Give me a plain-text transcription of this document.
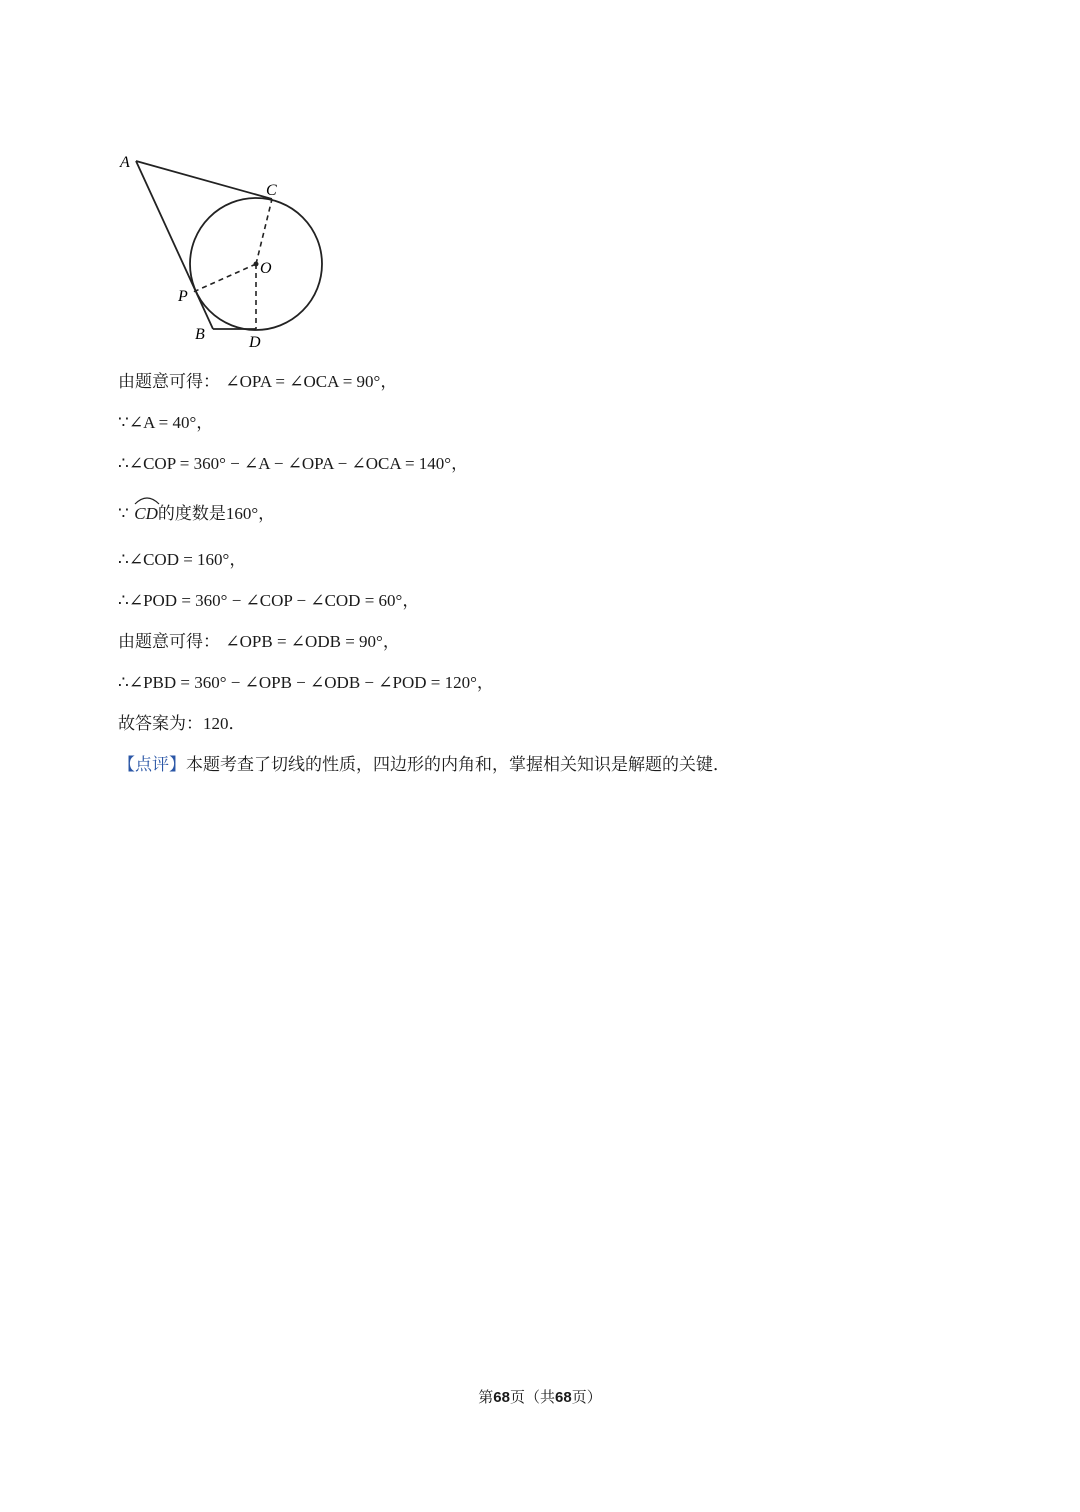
A
C
O
P
B	D
由题意可得： ∠OPA = ∠OCA = 90°，
∵∠A = 40°，
∴∠COP = 360° − ∠A − ∠OPA − ∠OCA = 140°，
∵ CD的度数是160°，
∴∠COD = 160°，
∴∠POD = 360° − ∠COP − ∠COD = 60°，
由题意可得： ∠OPB = ∠ODB = 90°，
∴∠PBD = 360° − ∠OPB − ∠ODB − ∠POD = 120°，
故答案为：120．
【点评】本题考查了切线的性质，四边形的内角和，掌握相关知识是解题的关键．
第68页（共68页）
